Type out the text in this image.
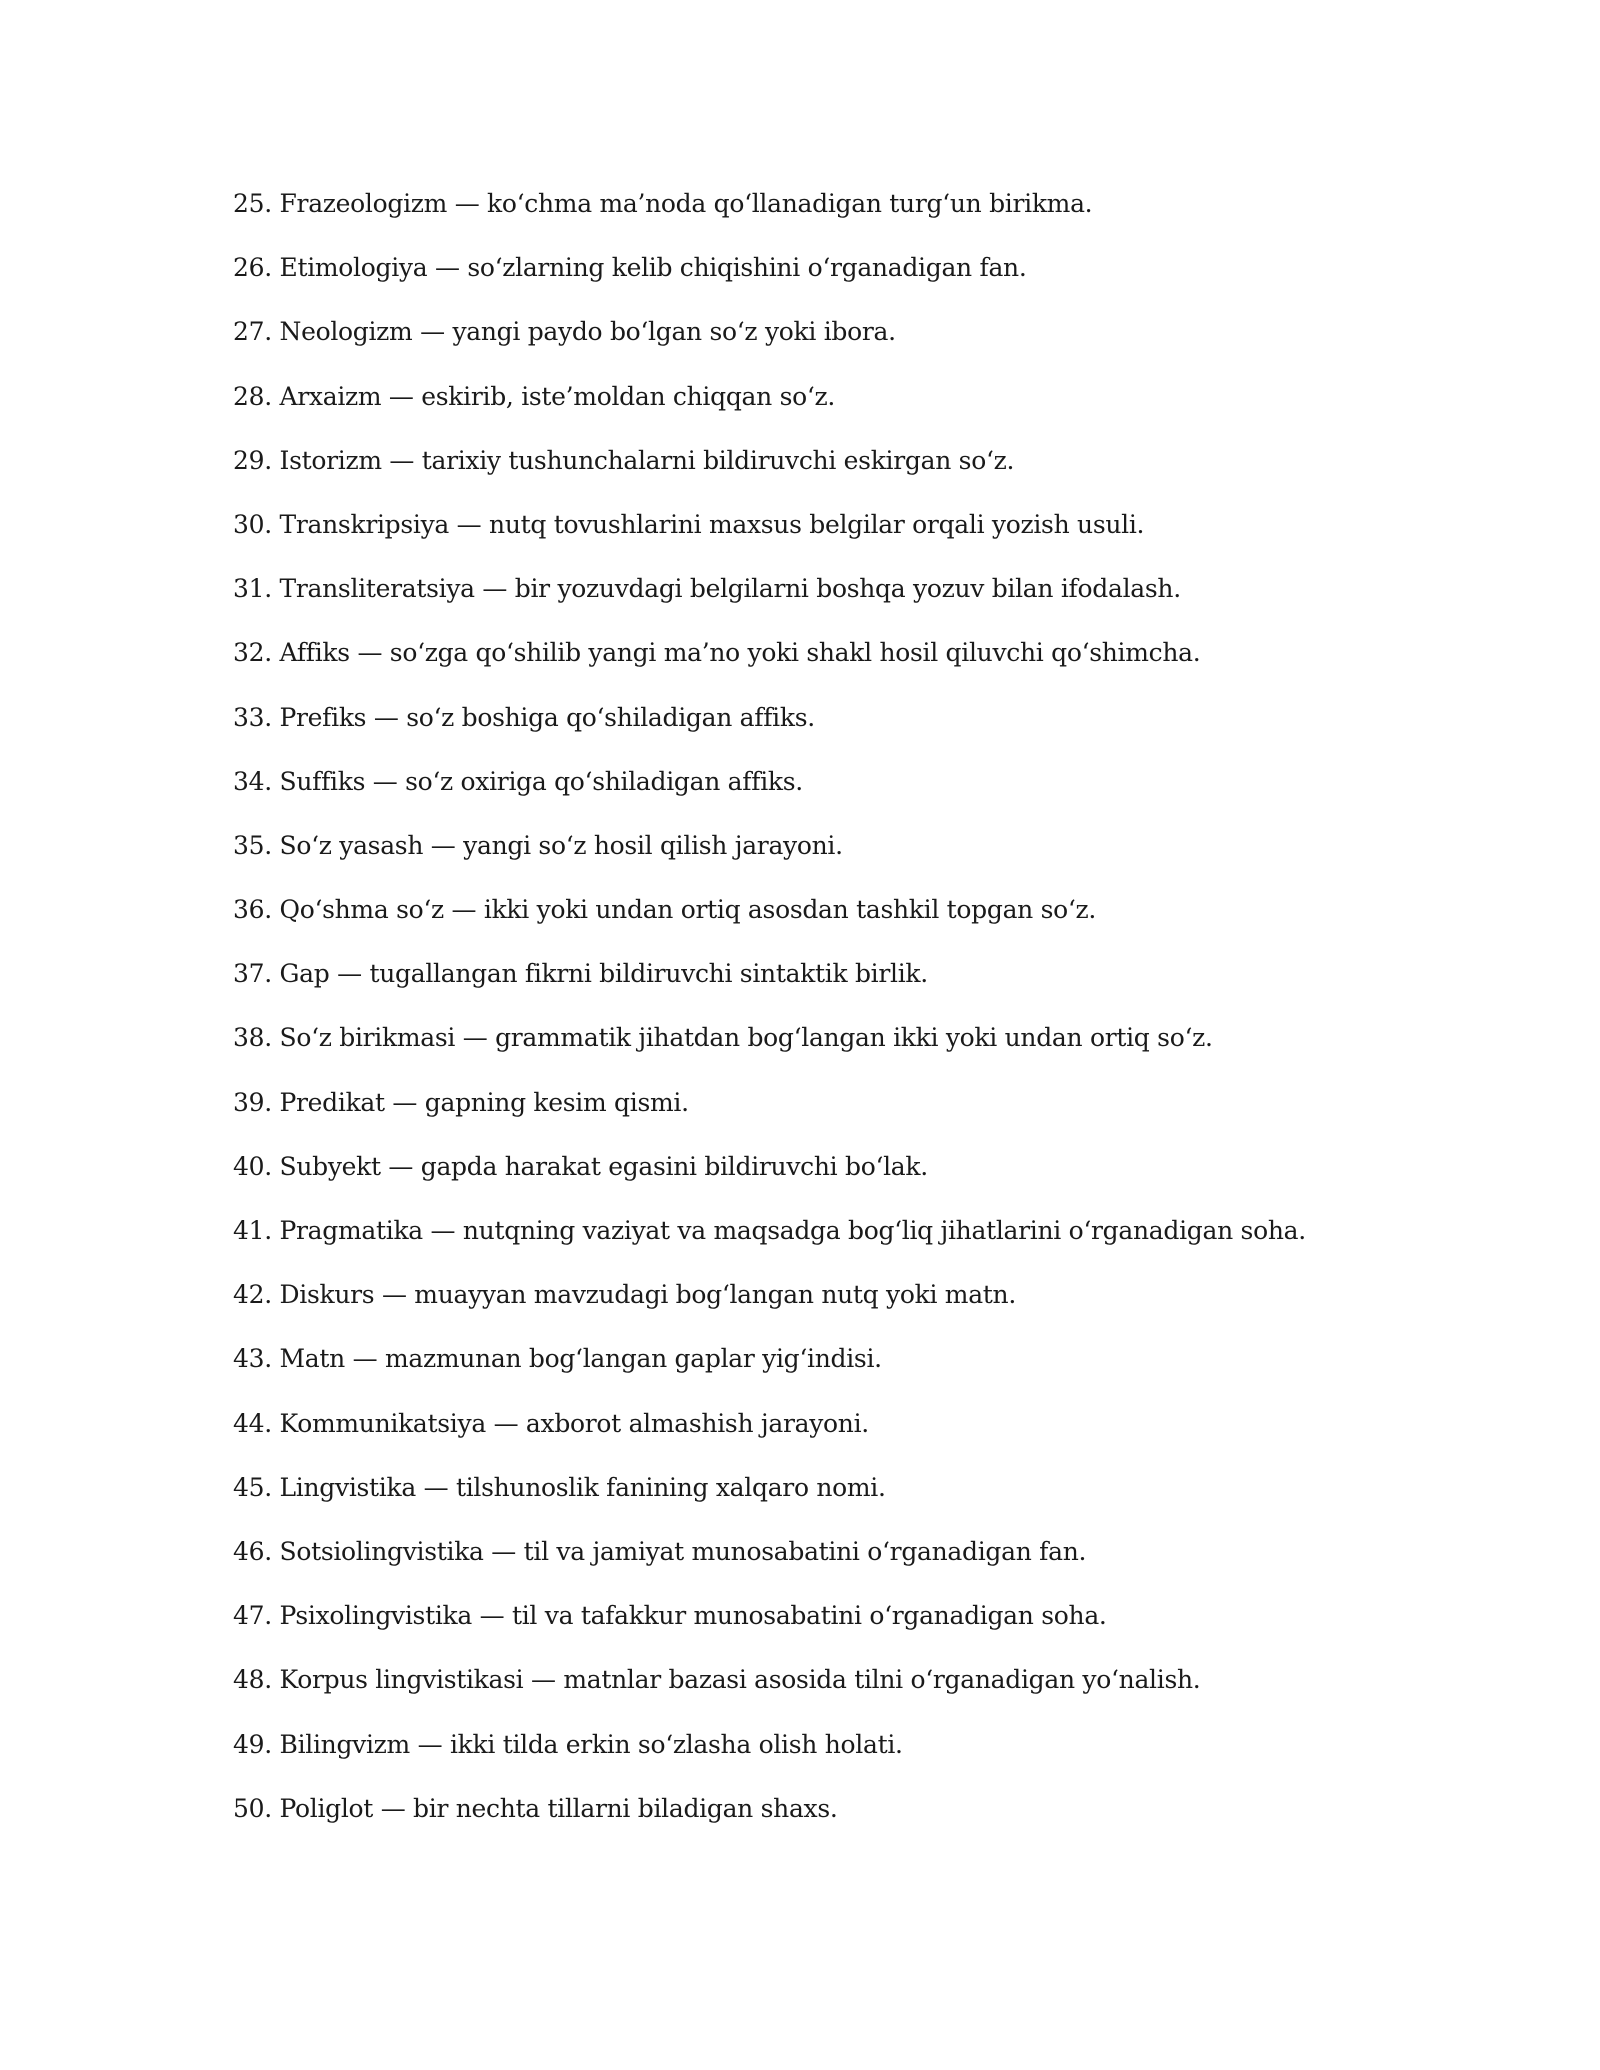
25. Frazeologizm — ko‘chma ma’noda qo‘llanadigan turg‘un birikma.
26. Etimologiya — so‘zlarning kelib chiqishini o‘rganadigan fan.
27. Neologizm — yangi paydo bo‘lgan so‘z yoki ibora.
28. Arxaizm — eskirib, iste’moldan chiqqan so‘z.
29. Istorizm — tarixiy tushunchalarni bildiruvchi eskirgan so‘z.
30. Transkripsiya — nutq tovushlarini maxsus belgilar orqali yozish usuli.
31. Transliteratsiya — bir yozuvdagi belgilarni boshqa yozuv bilan ifodalash.
32. Affiks — so‘zga qo‘shilib yangi ma’no yoki shakl hosil qiluvchi qo‘shimcha.
33. Prefiks — so‘z boshiga qo‘shiladigan affiks.
34. Suffiks — so‘z oxiriga qo‘shiladigan affiks.
35. So‘z yasash — yangi so‘z hosil qilish jarayoni.
36. Qo‘shma so‘z — ikki yoki undan ortiq asosdan tashkil topgan so‘z.
37. Gap — tugallangan fikrni bildiruvchi sintaktik birlik.
38. So‘z birikmasi — grammatik jihatdan bog‘langan ikki yoki undan ortiq so‘z.
39. Predikat — gapning kesim qismi.
40. Subyekt — gapda harakat egasini bildiruvchi bo‘lak.
41. Pragmatika — nutqning vaziyat va maqsadga bog‘liq jihatlarini o‘rganadigan soha.
42. Diskurs — muayyan mavzudagi bog‘langan nutq yoki matn.
43. Matn — mazmunan bog‘langan gaplar yig‘indisi.
44. Kommunikatsiya — axborot almashish jarayoni.
45. Lingvistika — tilshunoslik fanining xalqaro nomi.
46. Sotsiolingvistika — til va jamiyat munosabatini o‘rganadigan fan.
47. Psixolingvistika — til va tafakkur munosabatini o‘rganadigan soha.
48. Korpus lingvistikasi — matnlar bazasi asosida tilni o‘rganadigan yo‘nalish.
49. Bilingvizm — ikki tilda erkin so‘zlasha olish holati.
50. Poliglot — bir nechta tillarni biladigan shaxs.
